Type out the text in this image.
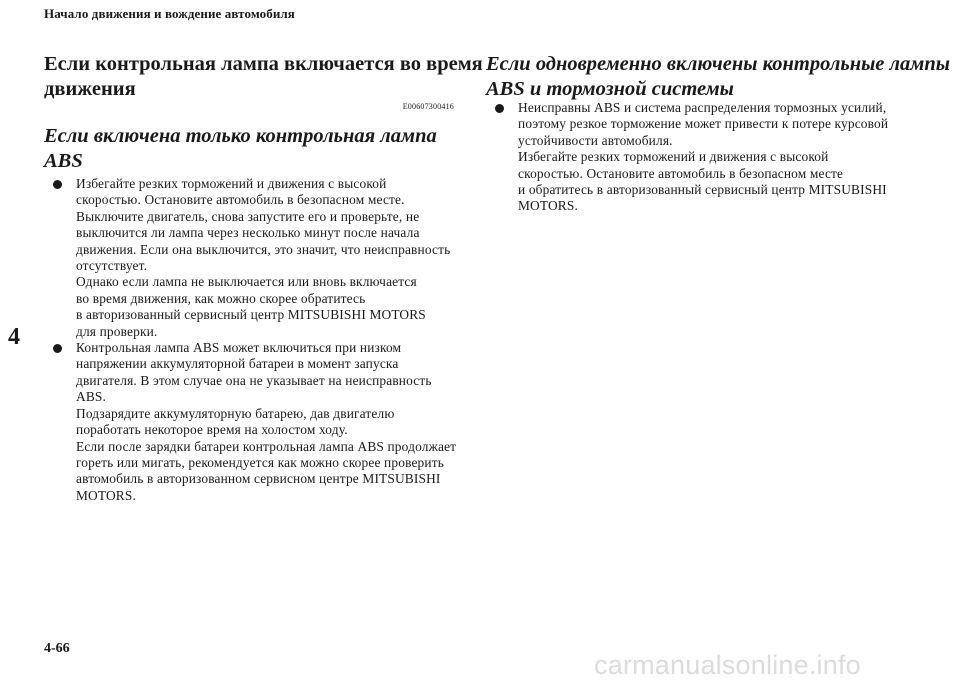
Начало движения и вождение автомобиля
4
Если контрольная лампа включается во время
движения
E00607300416
Если включена только контрольная лампа ABS
Избегайте резких торможений и движения с высокой
скоростью. Остановите автомобиль в безопасном месте.
Выключите двигатель, снова запустите его и проверьте, не
выключится ли лампа через несколько минут после начала
движения. Если она выключится, это значит, что неисправность
отсутствует.
Однако если лампа не выключается или вновь включается
во время движения, как можно скорее обратитесь
в авторизованный сервисный центр MITSUBISHI MOTORS
для проверки.
Контрольная лампа ABS может включиться при низком
напряжении аккумуляторной батареи в момент запуска
двигателя. В этом случае она не указывает на неисправность
ABS.
Подзарядите аккумуляторную батарею, дав двигателю
поработать некоторое время на холостом ходу.
Если после зарядки батареи контрольная лампа ABS продолжает
гореть или мигать, рекомендуется как можно скорее проверить
автомобиль в авторизованном сервисном центре MITSUBISHI
MOTORS.
Если одновременно включены контрольные лампы
ABS и тормозной системы
Неисправны ABS и система распределения тормозных усилий,
поэтому резкое торможение может привести к потере курсовой
устойчивости автомобиля.
Избегайте резких торможений и движения с высокой
скоростью. Остановите автомобиль в безопасном месте
и обратитесь в авторизованный сервисный центр MITSUBISHI
MOTORS.
4-66
carmanualsonline.info
